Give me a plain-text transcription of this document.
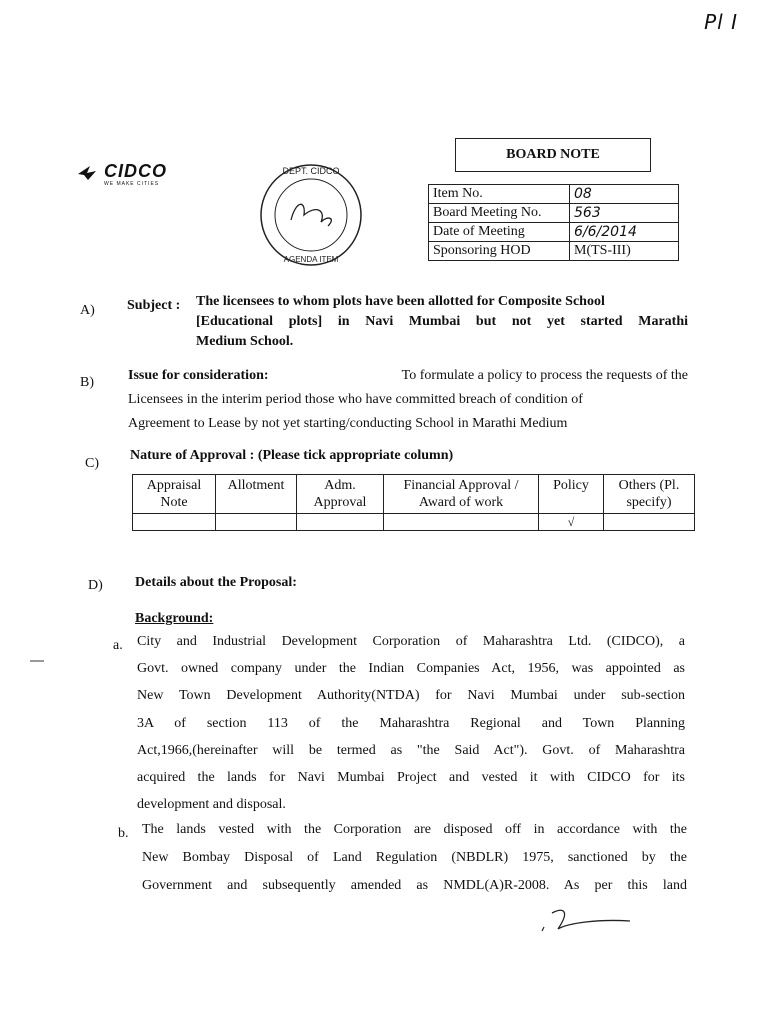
Pl I
CIDCO
WE MAKE CITIES
DEPT. CIDCO
AGENDA ITEM
BOARD NOTE
Item No.	08
Board Meeting No.	563
Date of Meeting	6/6/2014
Sponsoring HOD	M(TS-III)
A) Subject : The licensees to whom plots have been allotted for Composite School
[Educational plots] in Navi Mumbai but not yet started Marathi
Medium School.
B) Issue for consideration:	To formulate a policy to process the requests of the
Licensees in the interim period those who have committed breach of condition of
Agreement to Lease by not yet starting/conducting School in Marathi Medium
C)
Nature of Approval : (Please tick appropriate column)
Appraisal Note	Allotment	Adm. Approval	Financial Approval / Award of work	Policy	Others (Pl. specify)
				√	
D) Details about the Proposal:
Background:
a. City and Industrial Development Corporation of Maharashtra Ltd. (CIDCO), a
Govt. owned company under the Indian Companies Act, 1956, was appointed as
New Town Development Authority(NTDA) for Navi Mumbai under sub-section
3A of section 113 of the Maharashtra Regional and Town Planning
Act,1966,(hereinafter will be termed as "the Said Act"). Govt. of Maharashtra
acquired the lands for Navi Mumbai Project and vested it with CIDCO for its
development and disposal.
b. The lands vested with the Corporation are disposed off in accordance with the
New Bombay Disposal of Land Regulation (NBDLR) 1975, sanctioned by the
Government and subsequently amended as NMDL(A)R-2008. As per this land
